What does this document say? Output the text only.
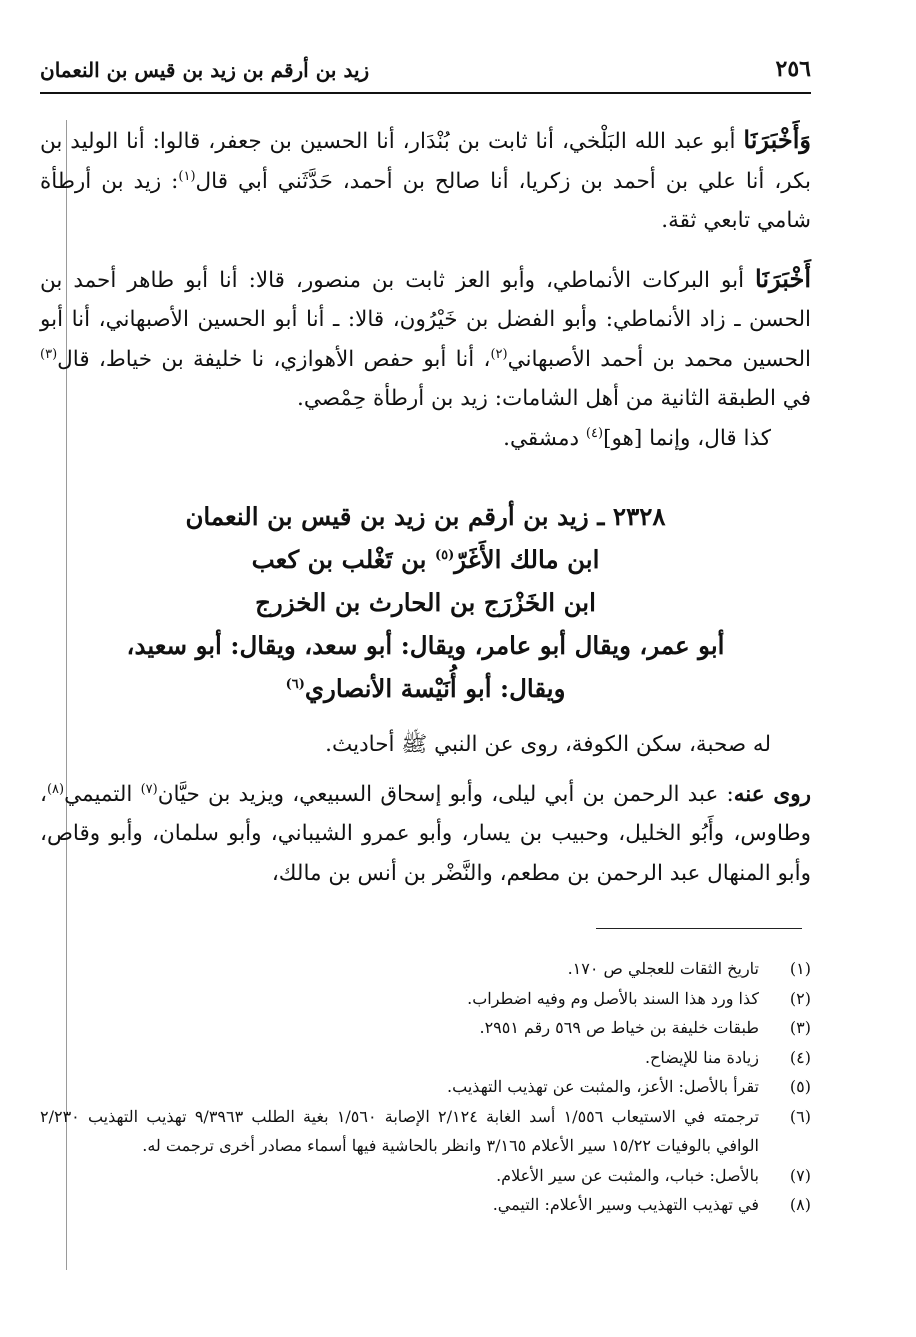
٢٥٦
زيد بن أرقم بن زيد بن قيس بن النعمان

وَأَخْبَرَنَا أبو عبد الله البَلْخي، أنا ثابت بن بُنْدَار، أنا الحسين بن جعفر، قالوا: أنا الوليد بن بكر، أنا علي بن أحمد بن زكريا، أنا صالح بن أحمد، حَدَّثَني أبي قال$^{(١)}$: زيد بن أرطأة شامي تابعي ثقة.

أَخْبَرَنَا أبو البركات الأنماطي، وأبو العز ثابت بن منصور، قالا: أنا أبو طاهر أحمد بن الحسن ـ زاد الأنماطي: وأبو الفضل بن خَيْرُون، قالا: ـ أنا أبو الحسين الأصبهاني، أنا أبو الحسين محمد بن أحمد الأصبهاني$^{(٢)}$، أنا أبو حفص الأهوازي، نا خليفة بن خياط، قال$^{(٣)}$ في الطبقة الثانية من أهل الشامات: زيد بن أرطأة حِمْصي.

كذا قال، وإنما [هو]$^{(٤)}$ دمشقي.

٢٣٢٨ ـ زيد بن أرقم بن زيد بن قيس بن النعمان
ابن مالك الأَغَرّ$^{(٥)}$ بن تَغْلب بن كعب
ابن الخَزْرَج بن الحارث بن الخزرج
أبو عمر، ويقال أبو عامر، ويقال: أبو سعد، ويقال: أبو سعيد،
ويقال: أبو أُنَيْسة الأنصاري$^{(٦)}$

له صحبة، سكن الكوفة، روى عن النبي ﷺ أحاديث.

روى عنه: عبد الرحمن بن أبي ليلى، وأبو إسحاق السبيعي، ويزيد بن حيَّان$^{(٧)}$ التميمي$^{(٨)}$، وطاوس، وأَبُو الخليل، وحبيب بن يسار، وأبو عمرو الشيباني، وأبو سلمان، وأبو وقاص، وأبو المنهال عبد الرحمن بن مطعم، والنَّضْر بن أنس بن مالك،

(١)
تاريخ الثقات للعجلي ص ١٧٠.
(٢)
كذا ورد هذا السند بالأصل وم وفيه اضطراب.
(٣)
طبقات خليفة بن خياط ص ٥٦٩ رقم ٢٩٥١.
(٤)
زيادة منا للإيضاح.
(٥)
تقرأ بالأصل: الأعز، والمثبت عن تهذيب التهذيب.
(٦)
ترجمته في الاستيعاب ١/٥٥٦ أسد الغابة ٢/١٢٤ الإصابة ١/٥٦٠ بغية الطلب ٩/٣٩٦٣ تهذيب التهذيب ٢/٢٣٠ الوافي بالوفيات ١٥/٢٢ سير الأعلام ٣/١٦٥ وانظر بالحاشية فيها أسماء مصادر أخرى ترجمت له.
(٧)
بالأصل: خباب، والمثبت عن سير الأعلام.
(٨)
في تهذيب التهذيب وسير الأعلام: التيمي.
